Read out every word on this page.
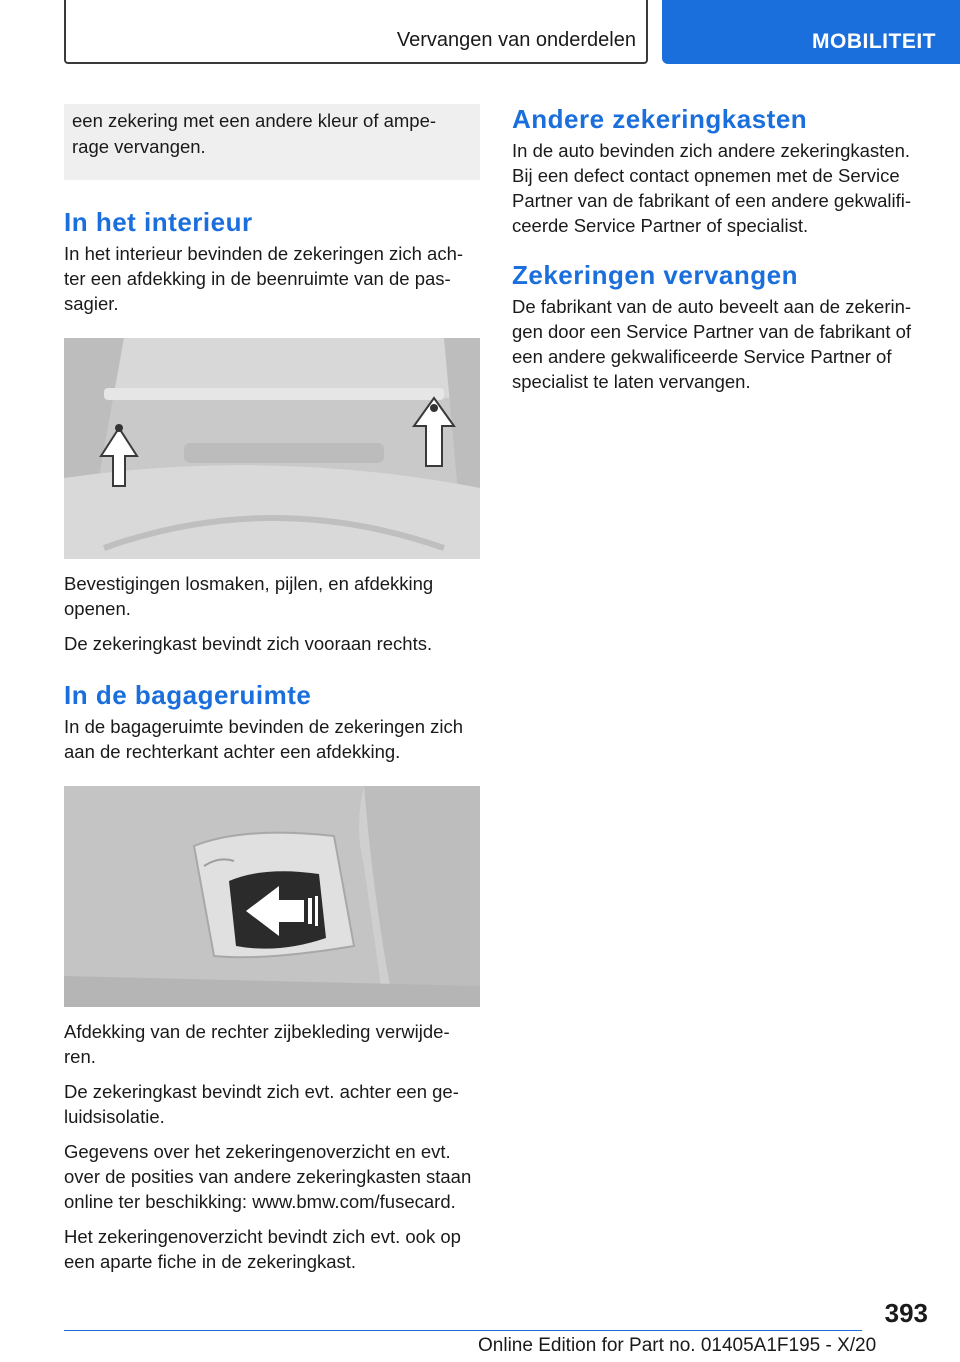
Vervangen van onderdelen	MOBILITEIT
een zekering met een andere kleur of ampe-rage vervangen.
In het interieur

In het interieur bevinden de zekeringen zich ach-ter een afdekking in de beenruimte van de pas-sagier.

Bevestigingen losmaken, pijlen, en afdekking openen.

De zekeringkast bevindt zich vooraan rechts.

In de bagageruimte

In de bagageruimte bevinden de zekeringen zich aan de rechterkant achter een afdekking.

Afdekking van de rechter zijbekleding verwijde-ren.

De zekeringkast bevindt zich evt. achter een ge-luidsisolatie.

Gegevens over het zekeringenoverzicht en evt. over de posities van andere zekeringkasten staan online ter beschikking: www.bmw.com/fusecard.

Het zekeringenoverzicht bevindt zich evt. ook op een aparte fiche in de zekeringkast.

Andere zekeringkasten

In de auto bevinden zich andere zekeringkasten. Bij een defect contact opnemen met de Service Partner van de fabrikant of een andere gekwalifi-ceerde Service Partner of specialist.

Zekeringen vervangen

De fabrikant van de auto beveelt aan de zekerin-gen door een Service Partner van de fabrikant of een andere gekwalificeerde Service Partner of specialist te laten vervangen.

393
Online Edition for Part no. 01405A1F195 - X/20
